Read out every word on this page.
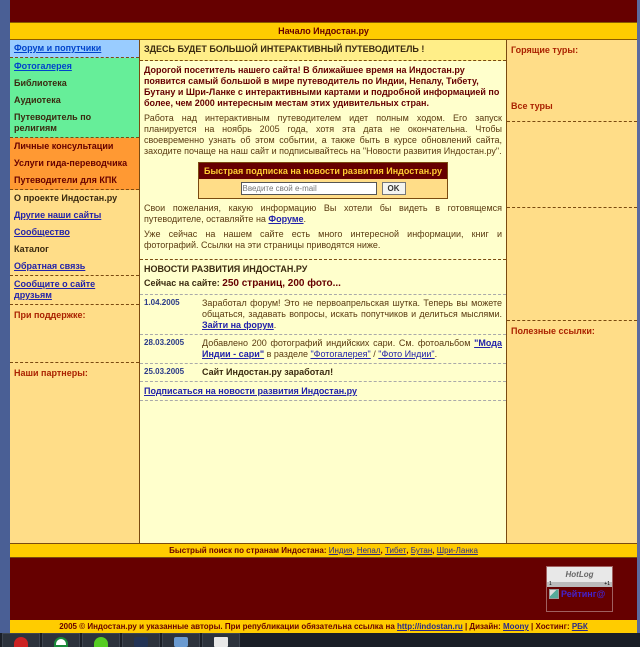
Начало Индостан.ру
Форум и попутчики
Фотогалерея
Библиотека
Аудиотека
Путеводитель по религиям
Личные консультации
Услуги гида-переводчика
Путеводители для КПК
О проекте Индостан.ру
Другие наши сайты
Сообщество
Каталог
Обратная связь
Сообщите о сайте друзьям
При поддержке:
Наши партнеры:
ЗДЕСЬ БУДЕТ БОЛЬШОЙ ИНТЕРАКТИВНЫЙ ПУТЕВОДИТЕЛЬ !
Дорогой посетитель нашего сайта! В ближайшее время на Индостан.ру появится самый большой в мире путеводитель по Индии, Непалу, Тибету, Бутану и Шри-Ланке с интерактивными картами и подробной информацией по более, чем 2000 интересным местам этих удивительных стран.
Работа над интерактивным путеводителем идет полным ходом. Его запуск планируется на ноябрь 2005 года, хотя эта дата не окончательна. Чтобы своевременно узнать об этом событии, а также быть в курсе обновлений сайта, заходите почаще на наш сайт и подписывайтесь на "Новости развития Индостан.ру".
Быстрая подписка на новости развития Индостан.ру
Введите свой e-mail
OK
Свои пожелания, какую информацию Вы хотели бы видеть в готовящемся путеводителе, оставляйте на Форуме.
Уже сейчас на нашем сайте есть много интересной информации, книг и фотографий. Ссылки на эти страницы приводятся ниже.
НОВОСТИ РАЗВИТИЯ ИНДОСТАН.РУ
Сейчас на сайте: 250 страниц, 200 фото...
1.04.2005	Заработал форум! Это не первоапрельская шутка. Теперь вы можете общаться, задавать вопросы, искать попутчиков и делиться мыслями. Зайти на форум.
28.03.2005	Добавлено 200 фотографий индийских сари. См. фотоальбом "Мода Индии - сари" в разделе "Фотогалерея" / "Фото Индии".
25.03.2005	Сайт Индостан.ру заработал!
Подписаться на новости развития Индостан.ру
Горящие туры:
Все туры
Полезные ссылки:
Быстрый поиск по странам Индостана: Индия, Непал, Тибет, Бутан, Шри-Ланка
HotLog
1	+1
Рейтинг@
2005 © Индостан.ру и указанные авторы. При републикации обязательна ссылка на http://indostan.ru | Дизайн: Moony | Хостинг: РБК
